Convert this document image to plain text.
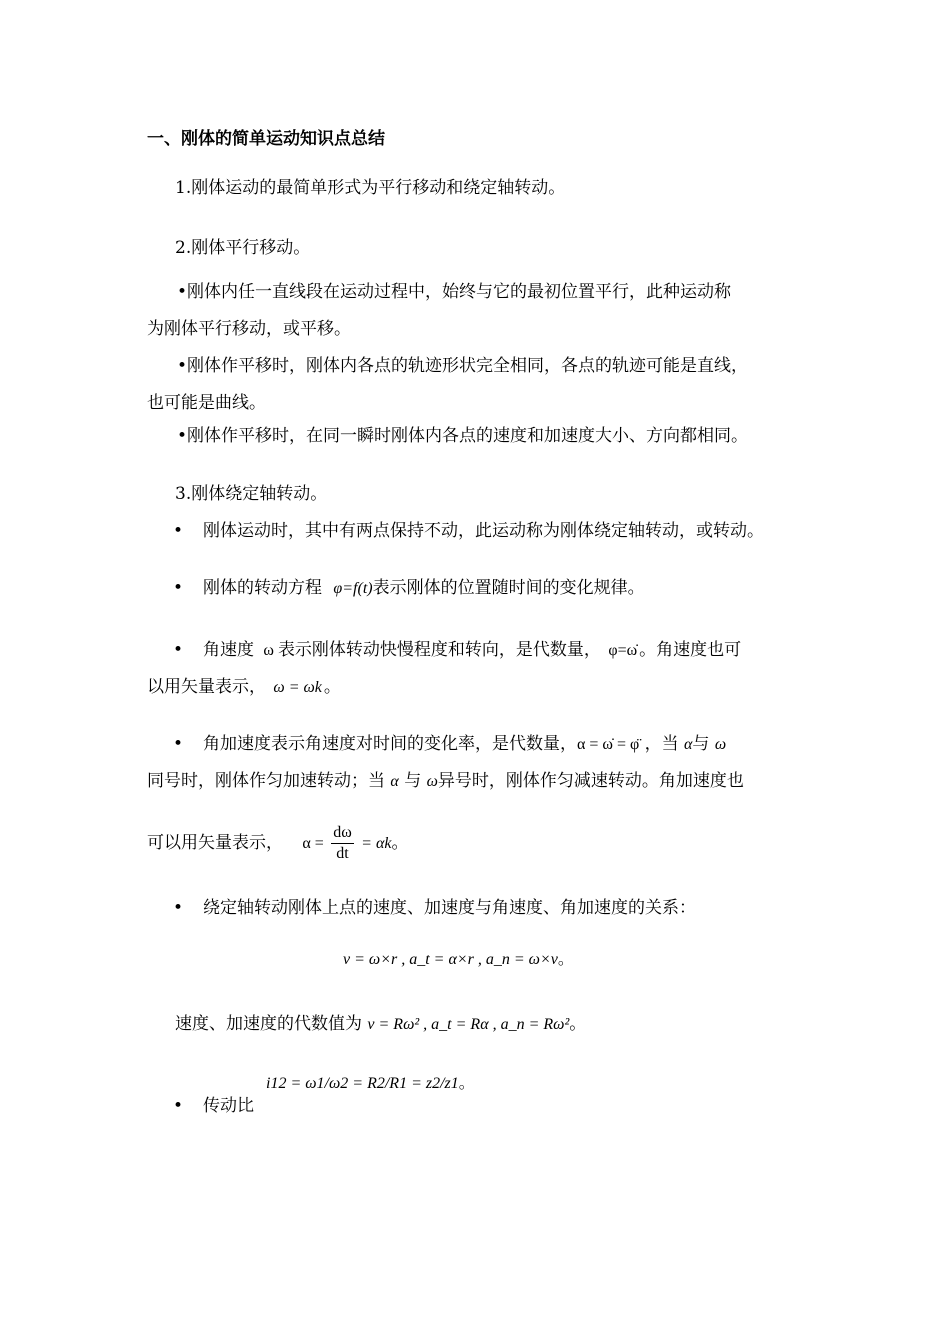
一、刚体的简单运动知识点总结
1.刚体运动的最简单形式为平行移动和绕定轴转动。
2.刚体平行移动。
•刚体内任一直线段在运动过程中，始终与它的最初位置平行，此种运动称
为刚体平行移动，或平移。
•刚体作平移时，刚体内各点的轨迹形状完全相同，各点的轨迹可能是直线，
也可能是曲线。
•刚体作平移时，在同一瞬时刚体内各点的速度和加速度大小、方向都相同。
3.刚体绕定轴转动。
• 刚体运动时，其中有两点保持不动，此运动称为刚体绕定轴转动，或转动。
• 刚体的转动方程 φ=f(t)表示刚体的位置随时间的变化规律。
• 角速度 ω 表示刚体转动快慢程度和转向，是代数量， φ=ω̇ 。角速度也可
以用矢量表示， ω = ωk 。
• 角加速度表示角速度对时间的变化率，是代数量，α = ω̇ = φ̈ ，当 α与 ω
同号时，刚体作匀加速转动；当 α 与 ω异号时，刚体作匀减速转动。角加速度也
可以用矢量表示， $\alpha = \frac{d\omega}{dt} = \alpha k$。
• 绕定轴转动刚体上点的速度、加速度与角速度、角加速度的关系：
v = ω×r , a_t = α×r , a_n = ω×v。
速度、加速度的代数值为 v = Rω² , a_t = Rα , a_n = Rω²。
• 传动比
i12 = ω1/ω2 = R2/R1 = z2/z1。
